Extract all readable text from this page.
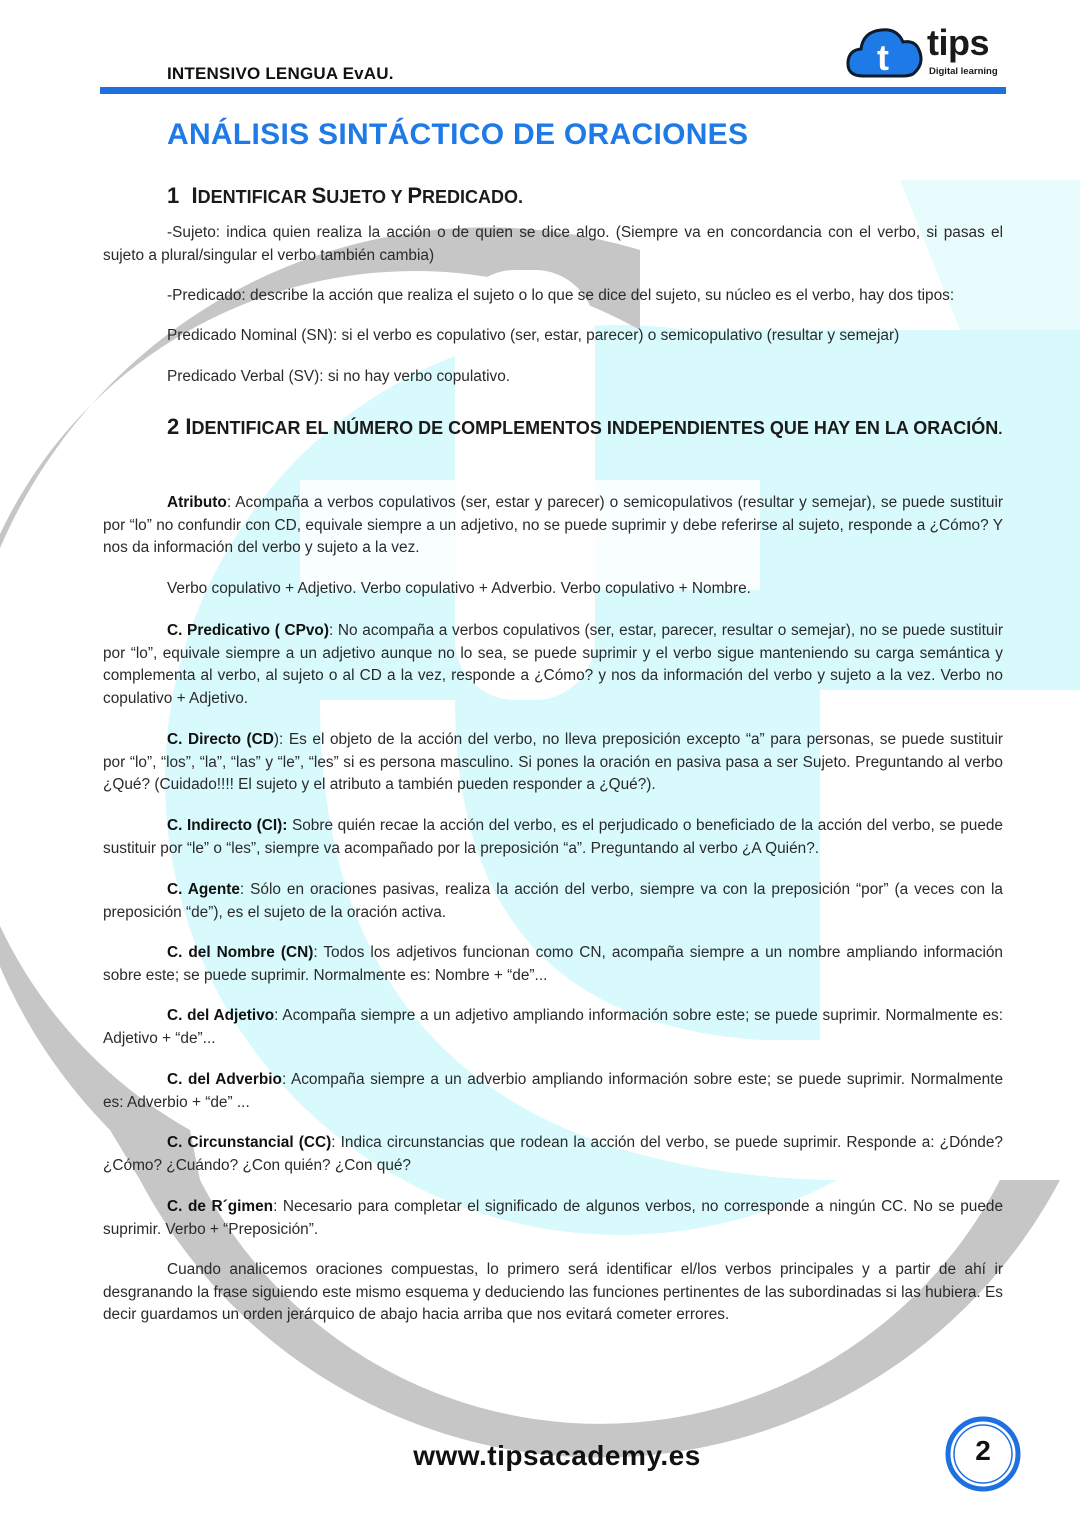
INTENSIVO LENGUA EvAU.	t tips
Digital learning
ANÁLISIS SINTÁCTICO DE ORACIONES
1 IDENTIFICAR SUJETO Y PREDICADO.

-Sujeto: indica quien realiza la acción o de quien se dice algo. (Siempre va en concordancia con el verbo, si pasas el sujeto a plural/singular el verbo también cambia)

-Predicado: describe la acción que realiza el sujeto o lo que se dice del sujeto, su núcleo es el verbo, hay dos tipos:

Predicado Nominal (SN): si el verbo es copulativo (ser, estar, parecer) o semicopulativo (resultar y semejar)

Predicado Verbal (SV): si no hay verbo copulativo.

2 IDENTIFICAR EL NÚMERO DE COMPLEMENTOS INDEPENDIENTES QUE HAY EN LA ORACIÓN.

Atributo: Acompaña a verbos copulativos (ser, estar y parecer) o semicopulativos (resultar y semejar), se puede sustituir por “lo” no confundir con CD, equivale siempre a un adjetivo, no se puede suprimir y debe referirse al sujeto, responde a ¿Cómo? Y nos da información del verbo y sujeto a la vez.

Verbo copulativo + Adjetivo. Verbo copulativo + Adverbio. Verbo copulativo + Nombre.

C. Predicativo ( CPvo): No acompaña a verbos copulativos (ser, estar, parecer, resultar o semejar), no se puede sustituir por “lo”, equivale siempre a un adjetivo aunque no lo sea, se puede suprimir y el verbo sigue manteniendo su carga semántica y complementa al verbo, al sujeto o al CD a la vez, responde a ¿Cómo? y nos da información del verbo y sujeto a la vez. Verbo no copulativo + Adjetivo.

C. Directo (CD): Es el objeto de la acción del verbo, no lleva preposición excepto “a” para personas, se puede sustituir por “lo”, “los”, “la”, “las” y “le”, “les” si es persona masculino. Si pones la oración en pasiva pasa a ser Sujeto. Preguntando al verbo ¿Qué? (Cuidado!!!! El sujeto y el atributo a también pueden responder a ¿Qué?).

C. Indirecto (CI): Sobre quién recae la acción del verbo, es el perjudicado o beneficiado de la acción del verbo, se puede sustituir por “le” o “les”, siempre va acompañado por la preposición “a”. Preguntando al verbo ¿A Quién?.

C. Agente: Sólo en oraciones pasivas, realiza la acción del verbo, siempre va con la preposición “por” (a veces con la preposición “de”), es el sujeto de la oración activa.

C. del Nombre (CN): Todos los adjetivos funcionan como CN, acompaña siempre a un nombre ampliando información sobre este; se puede suprimir. Normalmente es: Nombre + “de”...

C. del Adjetivo: Acompaña siempre a un adjetivo ampliando información sobre este; se puede suprimir. Normalmente es: Adjetivo + “de”...

C. del Adverbio: Acompaña siempre a un adverbio ampliando información sobre este; se puede suprimir. Normalmente es: Adverbio + “de” ...

C. Circunstancial (CC): Indica circunstancias que rodean la acción del verbo, se puede suprimir. Responde a: ¿Dónde? ¿Cómo? ¿Cuándo? ¿Con quién? ¿Con qué?

C. de R´gimen: Necesario para completar el significado de algunos verbos, no corresponde a ningún CC. No se puede suprimir. Verbo + “Preposición”.

Cuando analicemos oraciones compuestas, lo primero será identificar el/los verbos principales y a partir de ahí ir desgranando la frase siguiendo este mismo esquema y deduciendo las funciones pertinentes de las subordinadas si las hubiera. Es decir guardamos un orden jerárquico de abajo hacia arriba que nos evitará cometer errores.

www.tipsacademy.es	2
